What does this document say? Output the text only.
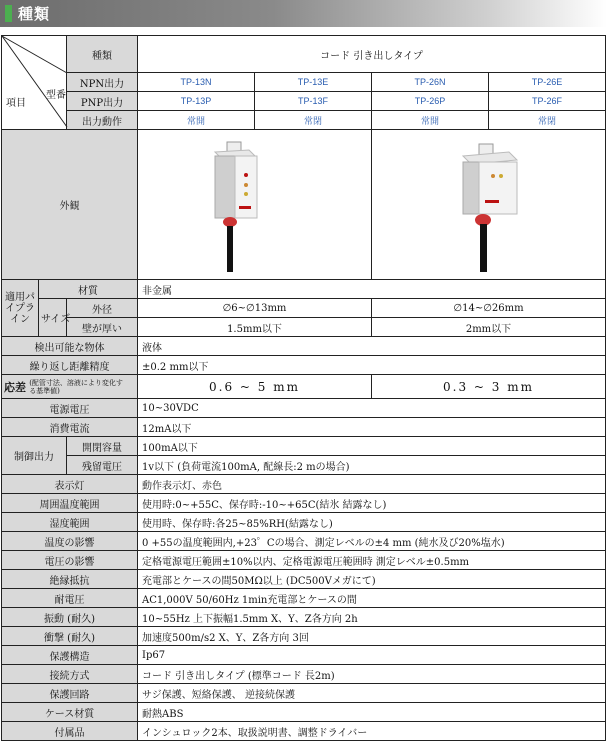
種類
型番
項目		種類	コード 引き出しタイプ			
		NPN出力	TP-13N	TP-13E	TP-26N	TP-26E
		PNP出力	TP-13P	TP-13F	TP-26P	TP-26F
		出力動作	常開	常閉	常開	常閉
外観		
適用パイプライン	材質		非金属			
	サイズ	外径	∅6~∅13mm		∅14~∅26mm	
		壁が厚い	1.5mm以下		2mm以下	
検出可能な物体			液体			
繰り返し距離精度			±0.2 mm以下			
応差 (配管寸法、溶液により変化する基準値)			0.6 ~ 5 mm		0.3 ~ 3 mm	
電源電圧			10~30VDC			
消費電流			12mA以下			
制御出力		開閉容量	100mA以下			
		残留電圧	1v以下 (負荷電流100mA, 配線長:2 mの場合)			
表示灯			動作表示灯、赤色			
周囲温度範囲			使用時:0~+55C、保存時:-10~+65C(結氷 結露なし)			
湿度範囲			使用時、保存時:各25~85%RH(結露なし)			
温度の影響			0 +55の温度範囲内,+23゜Cの場合、測定レベルの±4 mm (純水及び20%塩水)			
電圧の影響			定格電源電圧範囲±10%以内、定格電源電圧範囲時 測定レベル±0.5mm			
絶縁抵抗			充電部とケースの間50MΩ以上 (DC500Vメガにて)			
耐電圧			AC1,000V 50/60Hz 1min充電部とケースの間			
振動 (耐久)			10~55Hz 上下振幅1.5mm X、Y、Z各方向 2h			
衝撃 (耐久)			加速度500m/s2 X、Y、Z各方向 3回			
保護構造			Ip67			
接続方式			コード 引き出しタイプ (標準コード 長2m)			
保護回路			サジ保護、短絡保護、 逆接続保護			
ケース材質			耐熱ABS			
付属品			インシュロック2本、取扱説明書、調整ドライバー			
